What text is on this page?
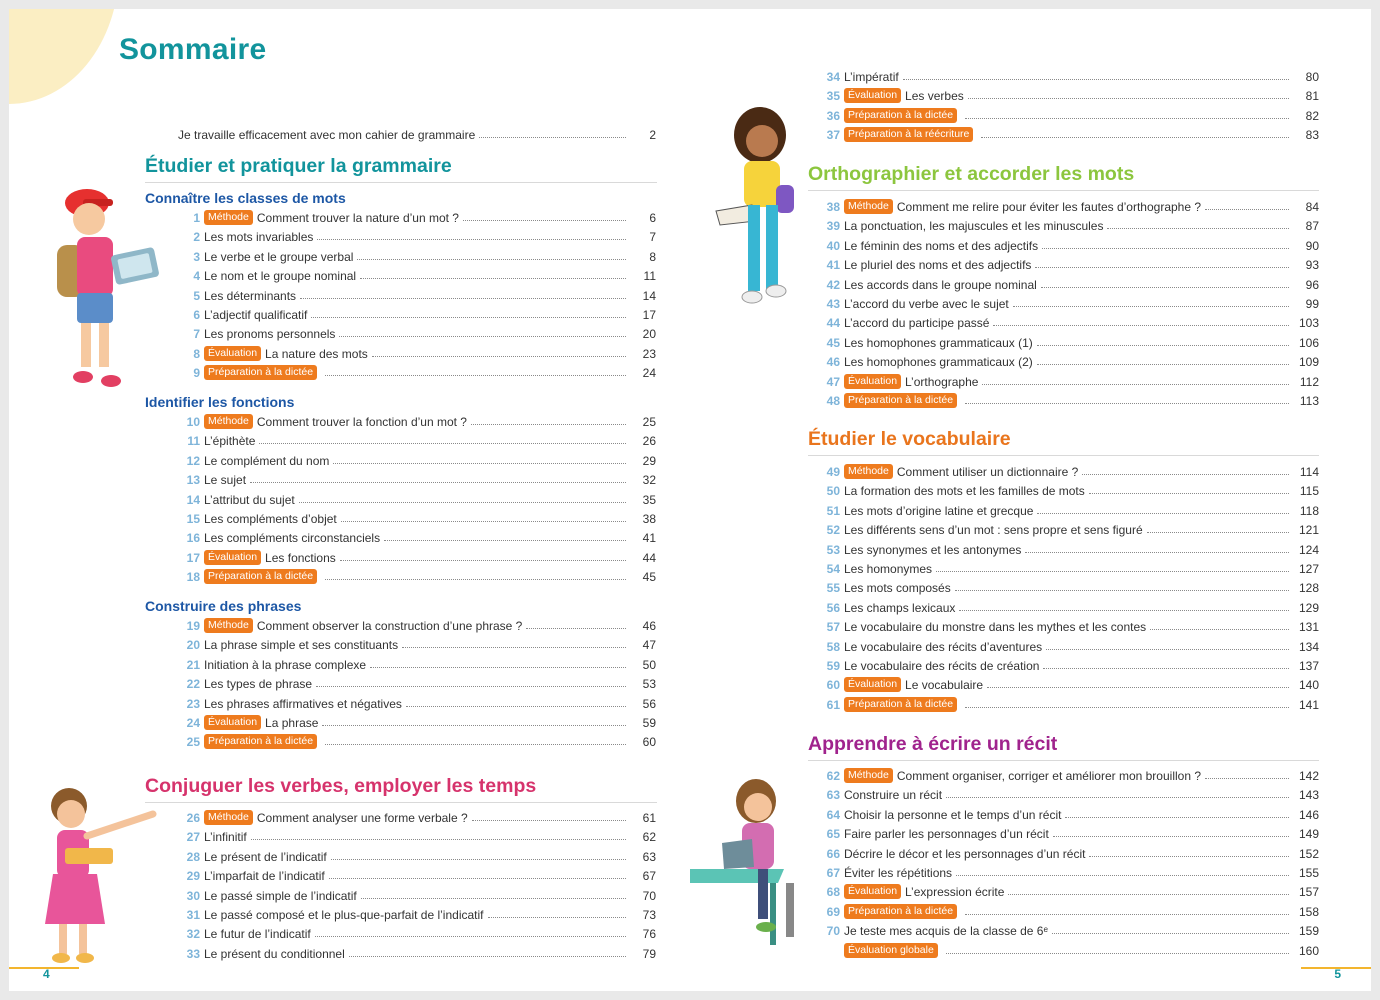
Sommaire
Je travaille efficacement avec mon cahier de grammaire	2
Étudier et pratiquer la grammaire
Connaître les classes de mots
1 Méthode Comment trouver la nature d’un mot ?	6
2 Les mots invariables	7
3 Le verbe et le groupe verbal	8
4 Le nom et le groupe nominal	11
5 Les déterminants	14
6 L’adjectif qualificatif	17
7 Les pronoms personnels	20
8 Évaluation La nature des mots	23
9 Préparation à la dictée	24
Identifier les fonctions
10 Méthode Comment trouver la fonction d’un mot ?	25
11 L’épithète	26
12 Le complément du nom	29
13 Le sujet	32
14 L’attribut du sujet	35
15 Les compléments d’objet	38
16 Les compléments circonstanciels	41
17 Évaluation Les fonctions	44
18 Préparation à la dictée	45
Construire des phrases
19 Méthode Comment observer la construction d’une phrase ?	46
20 La phrase simple et ses constituants	47
21 Initiation à la phrase complexe	50
22 Les types de phrase	53
23 Les phrases affirmatives et négatives	56
24 Évaluation La phrase	59
25 Préparation à la dictée	60
Conjuguer les verbes, employer les temps
26 Méthode Comment analyser une forme verbale ?	61
27 L’infinitif	62
28 Le présent de l’indicatif	63
29 L’imparfait de l’indicatif	67
30 Le passé simple de l’indicatif	70
31 Le passé composé et le plus-que-parfait de l’indicatif	73
32 Le futur de l’indicatif	76
33 Le présent du conditionnel	79
4
34 L’impératif	80
35 Évaluation Les verbes	81
36 Préparation à la dictée	82
37 Préparation à la réécriture	83
Orthographier et accorder les mots
38 Méthode Comment me relire pour éviter les fautes d’orthographe ?	84
39 La ponctuation, les majuscules et les minuscules	87
40 Le féminin des noms et des adjectifs	90
41 Le pluriel des noms et des adjectifs	93
42 Les accords dans le groupe nominal	96
43 L’accord du verbe avec le sujet	99
44 L’accord du participe passé	103
45 Les homophones grammaticaux (1)	106
46 Les homophones grammaticaux (2)	109
47 Évaluation L’orthographe	112
48 Préparation à la dictée	113
Étudier le vocabulaire
49 Méthode Comment utiliser un dictionnaire ?	114
50 La formation des mots et les familles de mots	115
51 Les mots d’origine latine et grecque	118
52 Les différents sens d’un mot : sens propre et sens figuré	121
53 Les synonymes et les antonymes	124
54 Les homonymes	127
55 Les mots composés	128
56 Les champs lexicaux	129
57 Le vocabulaire du monstre dans les mythes et les contes	131
58 Le vocabulaire des récits d’aventures	134
59 Le vocabulaire des récits de création	137
60 Évaluation Le vocabulaire	140
61 Préparation à la dictée	141
Apprendre à écrire un récit
62 Méthode Comment organiser, corriger et améliorer mon brouillon ?	142
63 Construire un récit	143
64 Choisir la personne et le temps d’un récit	146
65 Faire parler les personnages d’un récit	149
66 Décrire le décor et les personnages d’un récit	152
67 Éviter les répétitions	155
68 Évaluation L’expression écrite	157
69 Préparation à la dictée	158
70 Je teste mes acquis de la classe de 6ᵉ	159
Évaluation globale	160
5
